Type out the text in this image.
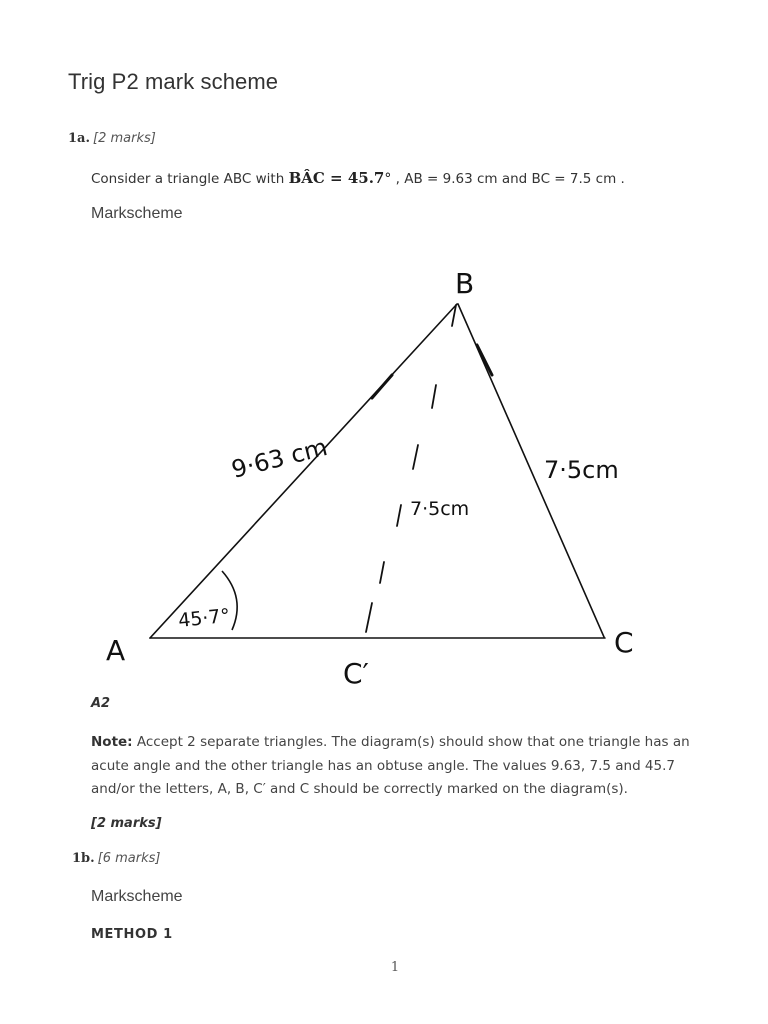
Trig P2 mark scheme
1a. [2 marks]
Consider a triangle ABC with BÂC = 45.7° , AB = 9.63 cm and BC = 7.5 cm .
Markscheme
B
A	C
C′
9·63 cm	7·5cm
7·5cm
45·7°
A2
Note: Accept 2 separate triangles. The diagram(s) should show that one triangle has an acute angle and the other triangle has an obtuse angle. The values 9.63, 7.5 and 45.7 and/or the letters, A, B, C′ and C should be correctly marked on the diagram(s).
[2 marks]
1b. [6 marks]
Markscheme
METHOD 1
1
